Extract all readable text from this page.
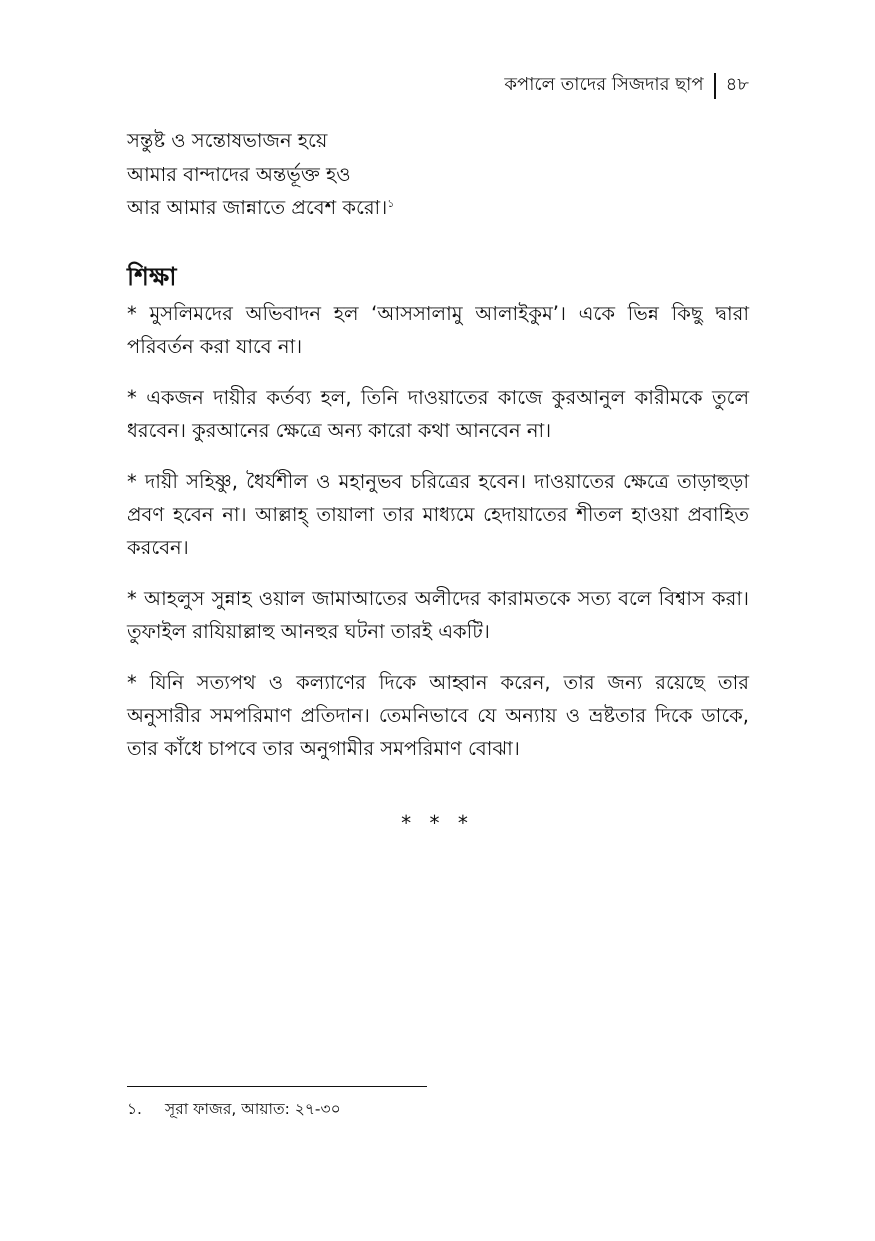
কপালে তাদের সিজদার ছাপ ৪৮

সন্তুষ্ট ও সন্তোষভাজন হয়ে

আমার বান্দাদের অন্তর্ভূক্ত হও

আর আমার জান্নাতে প্রবেশ করো।$^১$

শিক্ষা

* মুসলিমদের অভিবাদন হল ‘আসসালামু আলাইকুম’। একে ভিন্ন কিছু দ্বারা পরিবর্তন করা যাবে না।

* একজন দায়ীর কর্তব্য হল, তিনি দাওয়াতের কাজে কুরআনুল কারীমকে তুলে ধরবেন। কুরআনের ক্ষেত্রে অন্য কারো কথা আনবেন না।

* দায়ী সহিষ্ণু, ধৈর্যশীল ও মহানুভব চরিত্রের হবেন। দাওয়াতের ক্ষেত্রে তাড়াহুড়া প্রবণ হবেন না। আল্লাহ্ তায়ালা তার মাধ্যমে হেদায়াতের শীতল হাওয়া প্রবাহিত করবেন।

* আহলুস সুন্নাহ ওয়াল জামাআতের অলীদের কারামতকে সত্য বলে বিশ্বাস করা। তুফাইল রাযিয়াল্লাহু আনহুর ঘটনা তারই একটি।

* যিনি সত্যপথ ও কল্যাণের দিকে আহ্বান করেন, তার জন্য রয়েছে তার অনুসারীর সমপরিমাণ প্রতিদান। তেমনিভাবে যে অন্যায় ও ভ্রষ্টতার দিকে ডাকে, তার কাঁধে চাপবে তার অনুগামীর সমপরিমাণ বোঝা।

* * *
১.	সূরা ফাজর, আয়াত: ২৭-৩০
